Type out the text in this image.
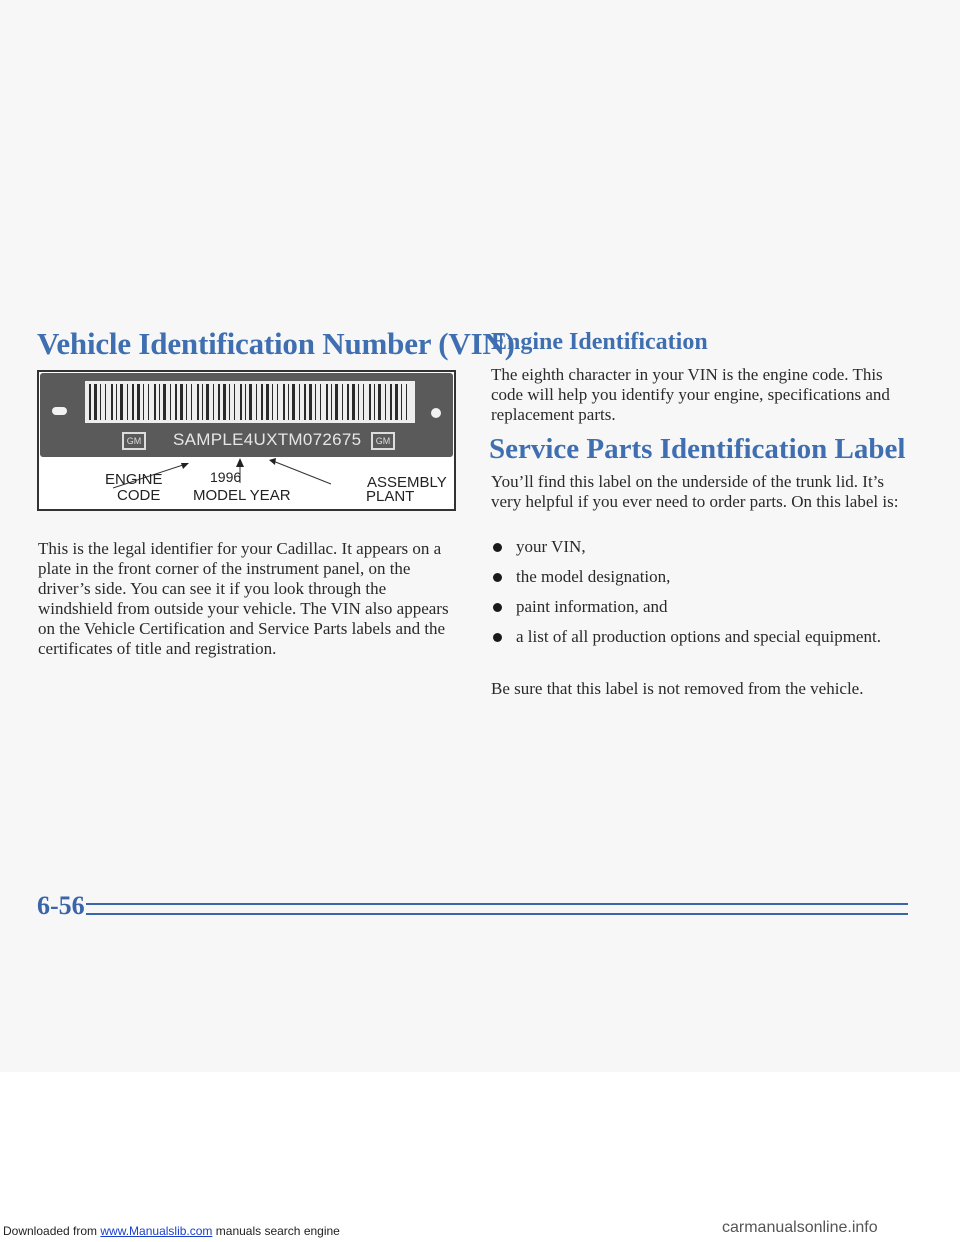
Vehicle Identification Number (VIN)
GM SAMPLE4UXTM072675	GM
ENGINE
CODE
1996
MODEL YEAR
ASSEMBLY
PLANT

This is the legal identifier for your Cadillac. It appears on a plate in the front corner of the instrument panel, on the driver’s side. You can see it if you look through the windshield from outside your vehicle. The VIN also appears on the Vehicle Certification and Service Parts labels and the certificates of title and registration.

Engine Identification

The eighth character in your VIN is the engine code. This code will help you identify your engine, specifications and replacement parts.

Service Parts Identification Label

You’ll find this label on the underside of the trunk lid. It’s very helpful if you ever need to order parts. On this label is:

your VIN,
the model designation,
paint information, and
a list of all production options and special equipment.

Be sure that this label is not removed from the vehicle.

6-56
Downloaded from www.Manualslib.com manuals search engine	carmanualsonline.info
